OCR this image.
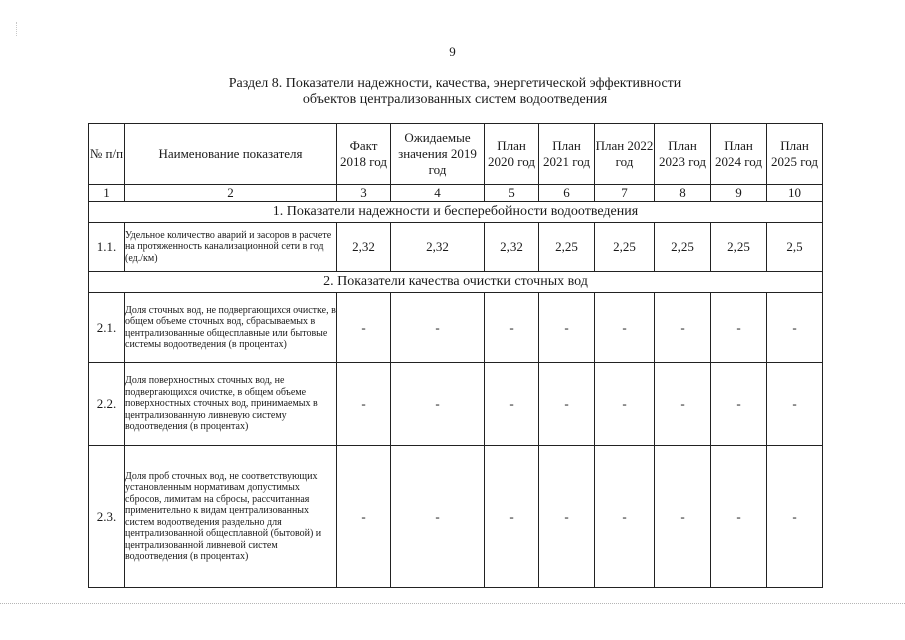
9
Раздел 8. Показатели надежности, качества, энергетической эффективности
объектов централизованных систем водоотведения
№ п/п	Наименование показателя	Факт 2018 год	Ожидаемые значения 2019 год	План 2020 год	План 2021 год	План 2022 год	План 2023 год	План 2024 год	План 2025 год
1	2	3	4	5	6	7	8	9	10
1. Показатели надежности и бесперебойности водоотведения									
1.1.	Удельное количество аварий и засоров в расчете на протяженность канализационной сети в год (ед./км)	2,32	2,32	2,32	2,25	2,25	2,25	2,25	2,5
2. Показатели качества очистки сточных вод									
2.1.	Доля сточных вод, не подвергающихся очистке, в общем объеме сточных вод, сбрасываемых в централизованные общесплавные или бытовые системы водоотведения (в процентах)	-	-	-	-	-	-	-	-
2.2.	Доля поверхностных сточных вод, не подвергающихся очистке, в общем объеме поверхностных сточных вод, принимаемых в централизованную ливневую систему водоотведения (в процентах)	-	-	-	-	-	-	-	-
2.3.	Доля проб сточных вод, не соответствующих установленным нормативам допустимых сбросов, лимитам на сбросы, рассчитанная применительно к видам централизованных систем водоотведения раздельно для централизованной общесплавной (бытовой) и централизованной ливневой систем водоотведения (в процентах)	-	-	-	-	-	-	-	-
